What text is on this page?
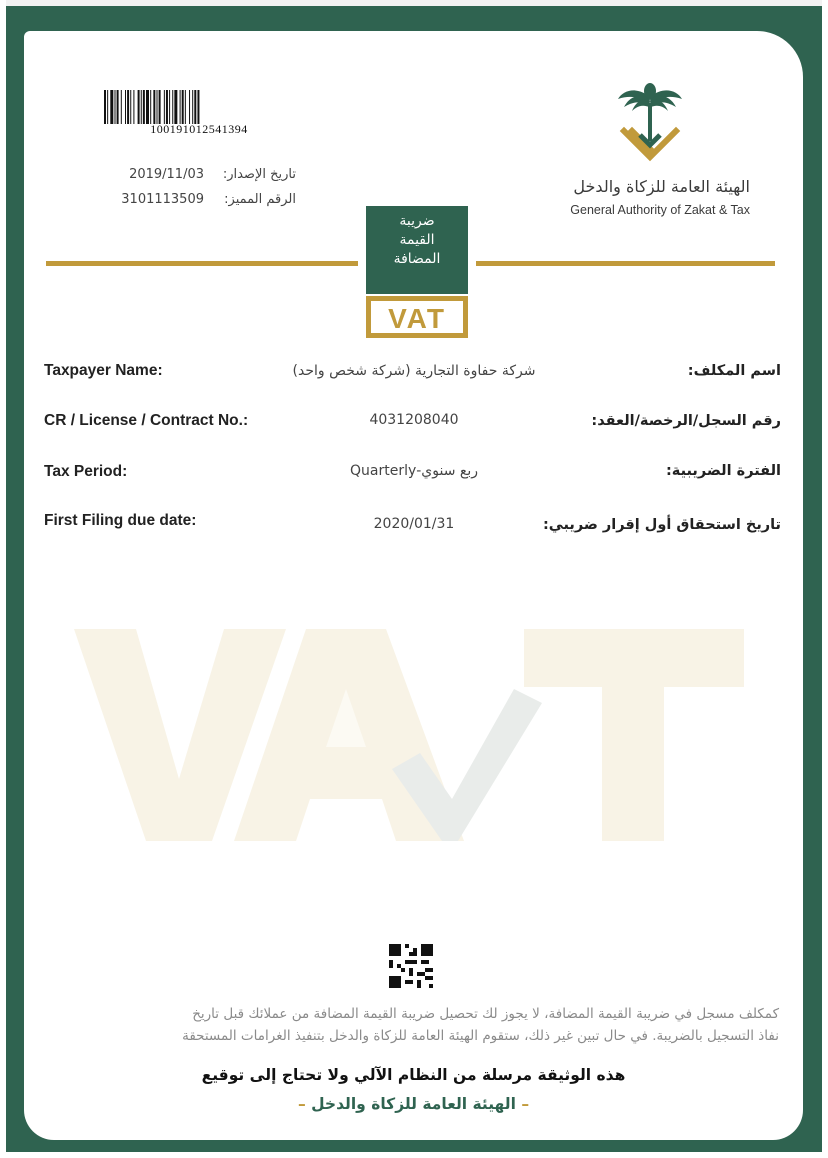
100191012541394
تاريخ الإصدار:
2019/11/03
الرقم المميز:
3101113509
الهيئة العامة للزكاة والدخل
General Authority of Zakat & Tax
ضريبة
القيمة
المضافة
VAT
Taxpayer Name:	شركة حفاوة التجارية (شركة شخص واحد)	اسم المكلف:
CR / License / Contract No.:	4031208040	رقم السجل/الرخصة/العقد:
Tax Period:	ربع سنوي-Quarterly	الفترة الضريبية:
First Filing due date:	2020/01/31	تاريخ استحقاق أول إقرار ضريبي:
كمكلف مسجل في ضريبة القيمة المضافة، لا يجوز لك تحصيل ضريبة القيمة المضافة من عملائك قبل تاريخ
نفاذ التسجيل بالضريبة. في حال تبين غير ذلك، ستقوم الهيئة العامة للزكاة والدخل بتنفيذ الغرامات المستحقة
هذه الوثيقة مرسلة من النظام الآلي ولا تحتاج إلى توقيع
– الهيئة العامة للزكاة والدخل –
